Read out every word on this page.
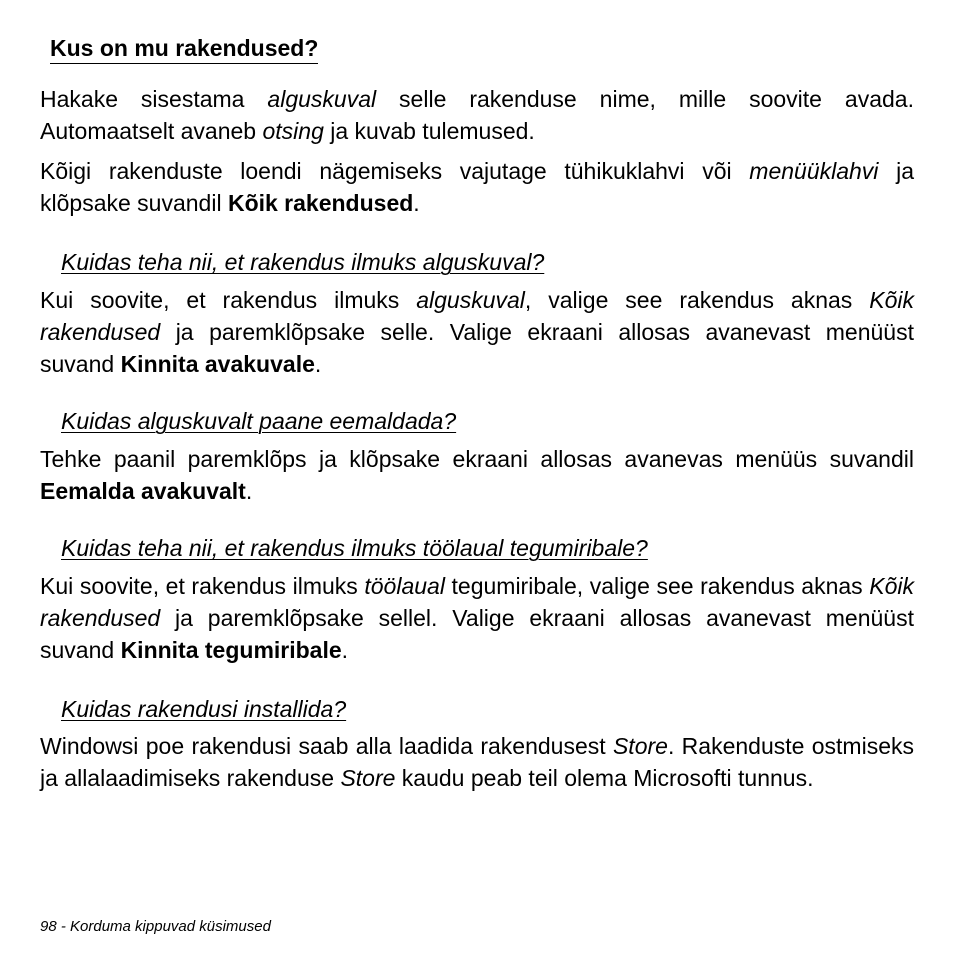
Kus on mu rakendused?

Hakake sisestama alguskuval selle rakenduse nime, mille soovite avada. Automaatselt avaneb otsing ja kuvab tulemused.

Kõigi rakenduste loendi nägemiseks vajutage tühikuklahvi või menüüklahvi ja klõpsake suvandil Kõik rakendused.

Kuidas teha nii, et rakendus ilmuks alguskuval?

Kui soovite, et rakendus ilmuks alguskuval, valige see rakendus aknas Kõik rakendused ja paremklõpsake selle. Valige ekraani allosas avanevast menüüst suvand Kinnita avakuvale.

Kuidas alguskuvalt paane eemaldada?

Tehke paanil paremklõps ja klõpsake ekraani allosas avanevas menüüs suvandil Eemalda avakuvalt.

Kuidas teha nii, et rakendus ilmuks töölaual tegumiribale?

Kui soovite, et rakendus ilmuks töölaual tegumiribale, valige see rakendus aknas Kõik rakendused ja paremklõpsake sellel. Valige ekraani allosas avanevast menüüst suvand Kinnita tegumiribale.

Kuidas rakendusi installida?

Windowsi poe rakendusi saab alla laadida rakendusest Store. Rakenduste ostmiseks ja allalaadimiseks rakenduse Store kaudu peab teil olema Microsofti tunnus.

98 - Korduma kippuvad küsimused
